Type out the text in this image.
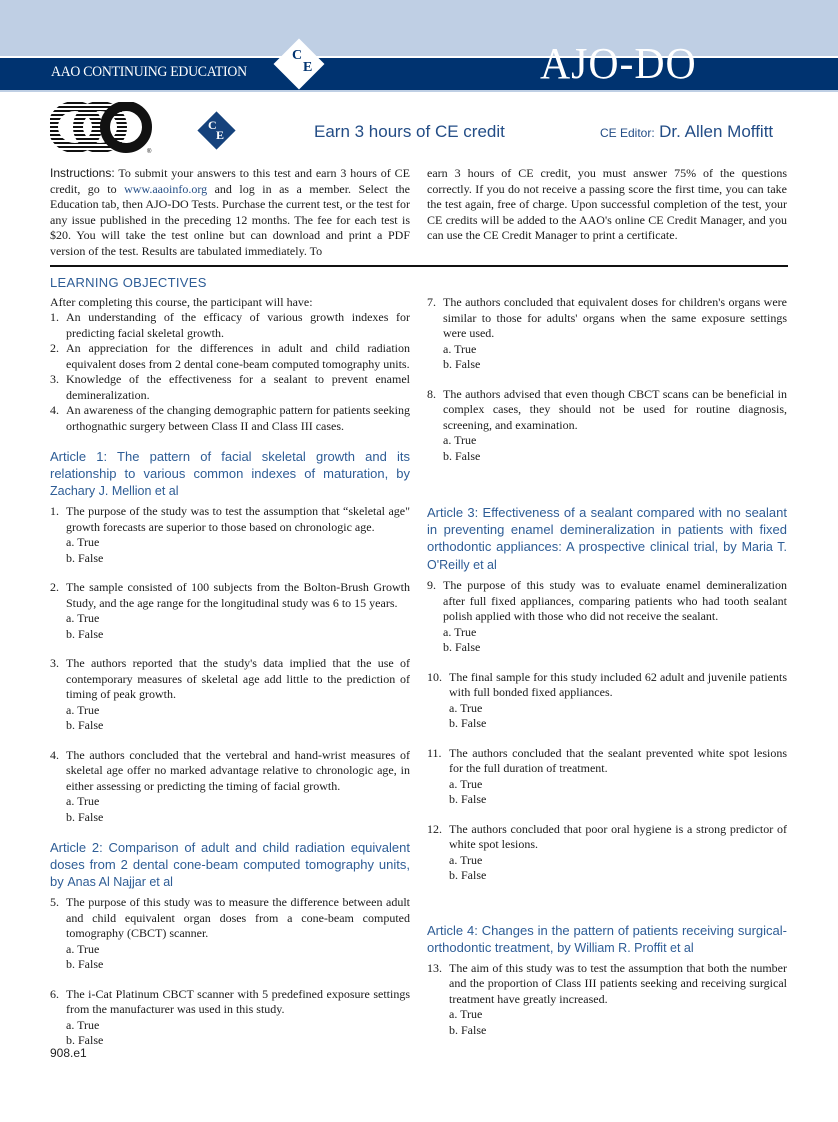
AAO CONTINUING EDUCATION
C
E	AJO-DO
®
C
E	Earn 3 hours of CE credit	CE Editor: Dr. Allen Moffitt
Instructions: To submit your answers to this test and earn 3 hours of CE credit, go to www.aaoinfo.org and log in as a member. Select the Education tab, then AJO-DO Tests. Purchase the current test, or the test for any issue published in the preceding 12 months. The fee for each test is $20. You will take the test online but can download and print a PDF version of the test. Results are tabulated immediately. To
earn 3 hours of CE credit, you must answer 75% of the questions correctly. If you do not receive a passing score the first time, you can take the test again, free of charge. Upon successful completion of the test, your CE credits will be added to the AAO's online CE Credit Manager, and you can use the CE Credit Manager to print a certificate.
LEARNING OBJECTIVES

After completing this course, the participant will have:

1. An understanding of the efficacy of various growth indexes for predicting facial skeletal growth.
2. An appreciation for the differences in adult and child radiation equivalent doses from 2 dental cone-beam computed tomography units.
3. Knowledge of the effectiveness for a sealant to prevent enamel demineralization.
4. An awareness of the changing demographic pattern for patients seeking orthognathic surgery between Class II and Class III cases.
Article 1: The pattern of facial skeletal growth and its relationship to various common indexes of maturation, by Zachary J. Mellion et al
1. The purpose of the study was to test the assumption that “skeletal age" growth forecasts are superior to those based on chronologic age.
a. True
b. False
2. The sample consisted of 100 subjects from the Bolton-Brush Growth Study, and the age range for the longitudinal study was 6 to 15 years.
a. True
b. False
3. The authors reported that the study's data implied that the use of contemporary measures of skeletal age add little to the prediction of timing of peak growth.
a. True
b. False
4. The authors concluded that the vertebral and hand-wrist measures of skeletal age offer no marked advantage relative to chronologic age, in either assessing or predicting the timing of facial growth.
a. True
b. False
Article 2: Comparison of adult and child radiation equivalent doses from 2 dental cone-beam computed tomography units, by Anas Al Najjar et al
5. The purpose of this study was to measure the difference between adult and child equivalent organ doses from a cone-beam computed tomography (CBCT) scanner.
a. True
b. False
6. The i-Cat Platinum CBCT scanner with 5 predefined exposure settings from the manufacturer was used in this study.
a. True
b. False
7. The authors concluded that equivalent doses for children's organs were similar to those for adults' organs when the same exposure settings were used.
a. True
b. False
8. The authors advised that even though CBCT scans can be beneficial in complex cases, they should not be used for routine diagnosis, screening, and examination.
a. True
b. False
Article 3: Effectiveness of a sealant compared with no sealant in preventing enamel demineralization in patients with fixed orthodontic appliances: A prospective clinical trial, by Maria T. O'Reilly et al
9. The purpose of this study was to evaluate enamel demineralization after full fixed appliances, comparing patients who had tooth sealant polish applied with those who did not receive the sealant.
a. True
b. False
10. The final sample for this study included 62 adult and juvenile patients with full bonded fixed appliances.
a. True
b. False
11. The authors concluded that the sealant prevented white spot lesions for the full duration of treatment.
a. True
b. False
12. The authors concluded that poor oral hygiene is a strong predictor of white spot lesions.
a. True
b. False
Article 4: Changes in the pattern of patients receiving surgical-orthodontic treatment, by William R. Proffit et al
13. The aim of this study was to test the assumption that both the number and the proportion of Class III patients seeking and receiving surgical treatment have greatly increased.
a. True
b. False
908.e1
